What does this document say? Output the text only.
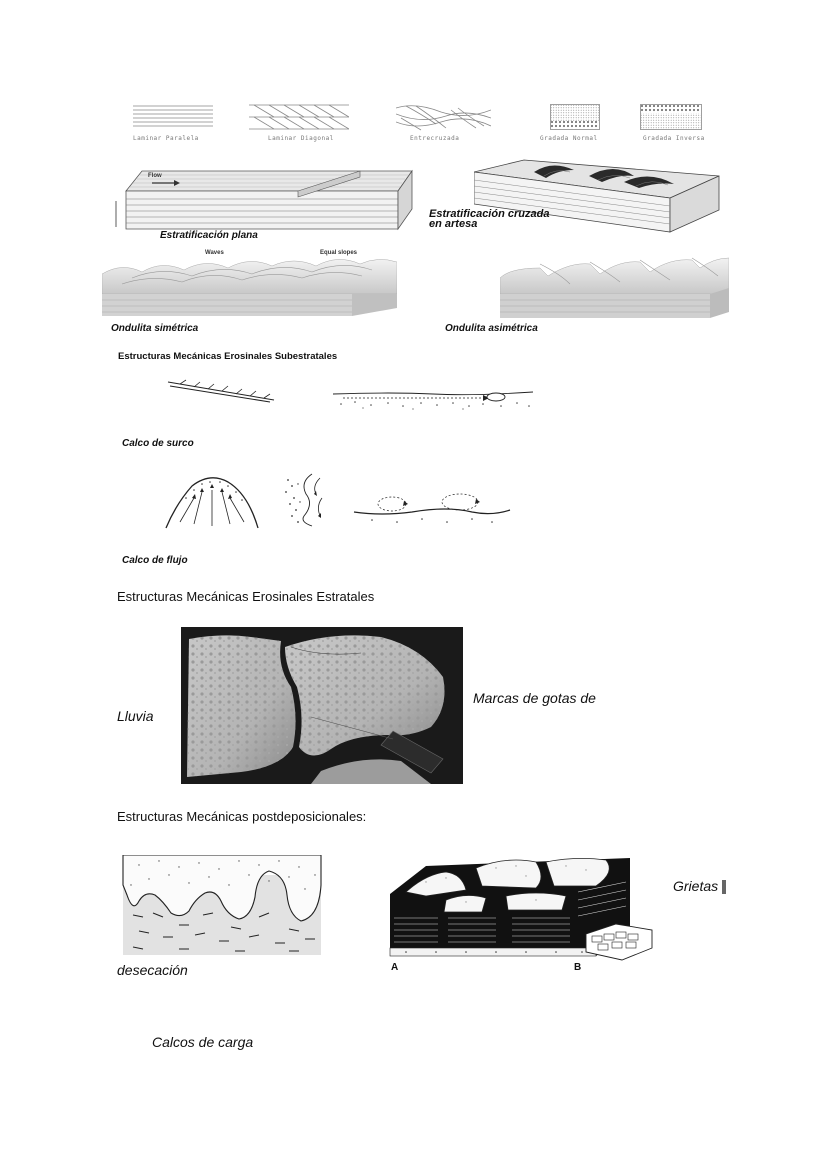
Laminar Paralela	Laminar Diagonal	Entrecruzada	Gradada Normal	Gradada Inversa
Flow
Estratificación plana
Estratificación cruzada
en artesa
Waves	Equal slopes
Ondulita simétrica	Ondulita asimétrica
Estructuras Mecánicas Erosinales Subestratales
Calco de surco
Calco de flujo
Estructuras Mecánicas Erosinales Estratales
Marcas de gotas de
Lluvia
Estructuras Mecánicas postdeposicionales:
desecación	A	B
Grietas
Calcos de carga
